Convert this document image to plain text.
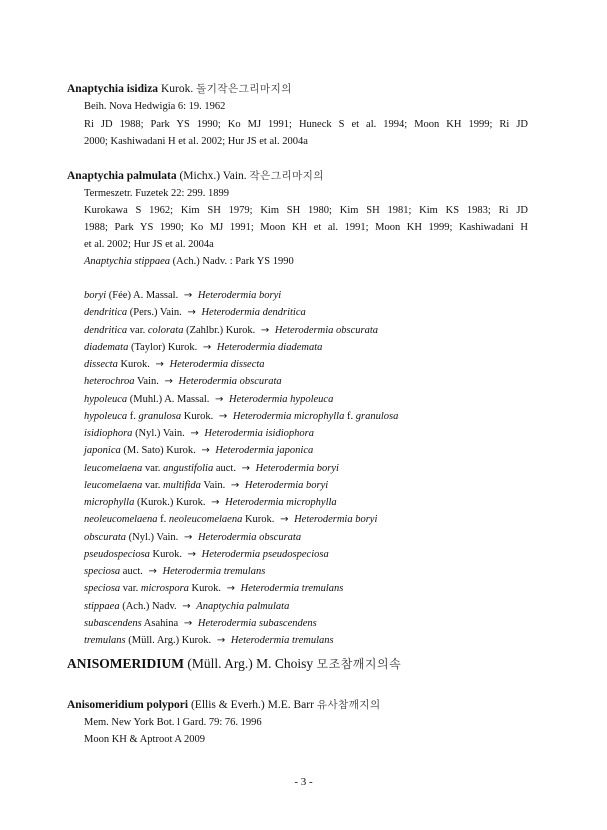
Anaptychia isidiza Kurok. 돌기작은그리마지의
Beih. Nova Hedwigia 6: 19. 1962
Ri JD 1988; Park YS 1990; Ko MJ 1991; Huneck S et al. 1994; Moon KH 1999; Ri JD
2000; Kashiwadani H et al. 2002; Hur JS et al. 2004a
Anaptychia palmulata (Michx.) Vain. 작은그리마지의
Termeszetr. Fuzetek 22: 299. 1899
Kurokawa S 1962; Kim SH 1979; Kim SH 1980; Kim SH 1981; Kim KS 1983; Ri JD
1988; Park YS 1990; Ko MJ 1991; Moon KH et al. 1991; Moon KH 1999; Kashiwadani H
et al. 2002; Hur JS et al. 2004a
Anaptychia stippaea (Ach.) Nadv. : Park YS 1990
boryi (Fée) A. Massal. → Heterodermia boryi
dendritica (Pers.) Vain. → Heterodermia dendritica
dendritica var. colorata (Zahlbr.) Kurok. → Heterodermia obscurata
diademata (Taylor) Kurok. → Heterodermia diademata
dissecta Kurok. → Heterodermia dissecta
heterochroa Vain. → Heterodermia obscurata
hypoleuca (Muhl.) A. Massal. → Heterodermia hypoleuca
hypoleuca f. granulosa Kurok. → Heterodermia microphylla f. granulosa
isidiophora (Nyl.) Vain. → Heterodermia isidiophora
japonica (M. Sato) Kurok. → Heterodermia japonica
leucomelaena var. angustifolia auct. → Heterodermia boryi
leucomelaena var. multifida Vain. → Heterodermia boryi
microphylla (Kurok.) Kurok. → Heterodermia microphylla
neoleucomelaena f. neoleucomelaena Kurok. → Heterodermia boryi
obscurata (Nyl.) Vain. → Heterodermia obscurata
pseudospeciosa Kurok. → Heterodermia pseudospeciosa
speciosa auct. → Heterodermia tremulans
speciosa var. microspora Kurok. → Heterodermia tremulans
stippaea (Ach.) Nadv. → Anaptychia palmulata
subascendens Asahina → Heterodermia subascendens
tremulans (Müll. Arg.) Kurok. → Heterodermia tremulans
ANISOMERIDIUM (Müll. Arg.) M. Choisy 모조참깨지의속
Anisomeridium polypori (Ellis & Everh.) M.E. Barr 유사참깨지의
Mem. New York Bot. l Gard. 79: 76. 1996
Moon KH & Aptroot A 2009
- 3 -
